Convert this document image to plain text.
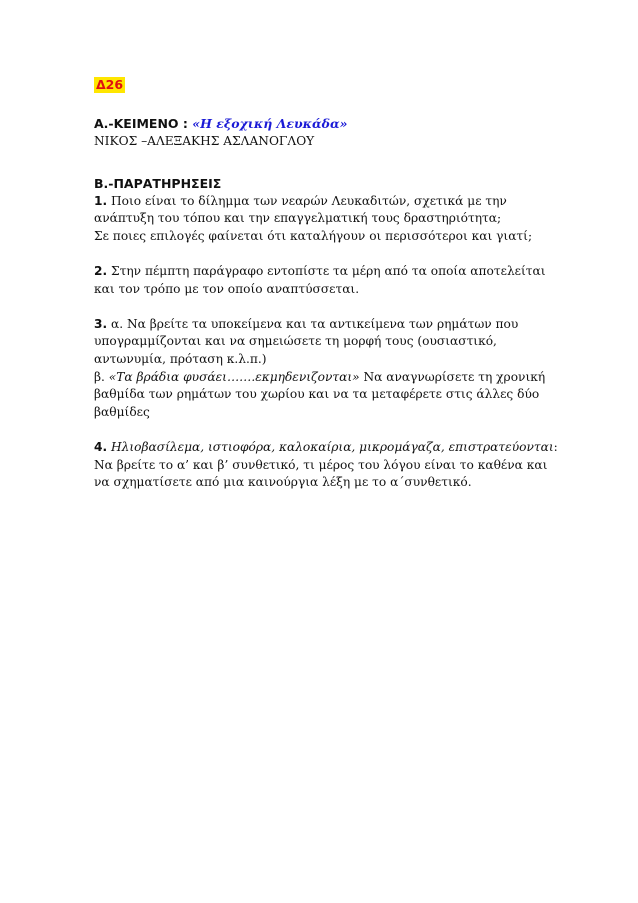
Δ26
Α.-ΚΕΙΜΕΝΟ : «Η εξοχική Λευκάδα»
ΝΙΚΟΣ –ΑΛΕΞΑΚΗΣ ΑΣΛΑΝΟΓΛΟΥ
Β.-ΠΑΡΑΤΗΡΗΣΕΙΣ
1. Ποιο είναι το δίλημμα των νεαρών Λευκαδιτών, σχετικά με την
ανάπτυξη του τόπου και την επαγγελματική τους δραστηριότητα;
Σε ποιες επιλογές φαίνεται ότι καταλήγουν οι περισσότεροι και γιατί;
2. Στην πέμπτη παράγραφο εντοπίστε τα μέρη από τα οποία αποτελείται
και τον τρόπο με τον οποίο αναπτύσσεται.
3. α. Να βρείτε τα υποκείμενα και τα αντικείμενα των ρημάτων που
υπογραμμίζονται και να σημειώσετε τη μορφή τους (ουσιαστικό,
αντωνυμία, πρόταση κ.λ.π.)
β. «Τα βράδια φυσάει…….εκμηδενιζονται» Να αναγνωρίσετε τη χρονική
βαθμίδα των ρημάτων του χωρίου και να τα μεταφέρετε στις άλλες δύο
βαθμίδες
4. Ηλιοβασίλεμα, ιστιοφόρα, καλοκαίρια, μικρομάγαζα, επιστρατεύονται:
Να βρείτε το α’ και β’ συνθετικό, τι μέρος του λόγου είναι το καθένα και
να σχηματίσετε από μια καινούργια λέξη με το α΄συνθετικό.
